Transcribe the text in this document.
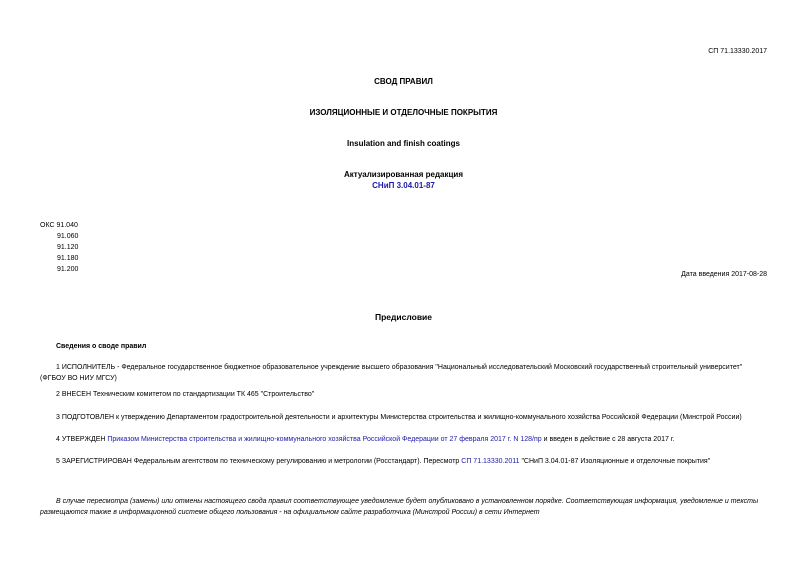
СП 71.13330.2017
СВОД ПРАВИЛ
ИЗОЛЯЦИОННЫЕ И ОТДЕЛОЧНЫЕ ПОКРЫТИЯ
Insulation and finish coatings
Актуализированная редакция
СНиП 3.04.01-87
ОКС 91.040
91.060
91.120
91.180
91.200
Дата введения 2017-08-28
Предисловие
Сведения о своде правил
1 ИСПОЛНИТЕЛЬ - Федеральное государственное бюджетное образовательное учреждение высшего образования "Национальный исследовательский Московский государственный строительный университет" (ФГБОУ ВО НИУ МГСУ)
2 ВНЕСЕН Техническим комитетом по стандартизации ТК 465 "Строительство"
3 ПОДГОТОВЛЕН к утверждению Департаментом градостроительной деятельности и архитектуры Министерства строительства и жилищно-коммунального хозяйства Российской Федерации (Минстрой России)
4 УТВЕРЖДЕН Приказом Министерства строительства и жилищно-коммунального хозяйства Российской Федерации от 27 февраля 2017 г. N 128/пр и введен в действие с 28 августа 2017 г.
5 ЗАРЕГИСТРИРОВАН Федеральным агентством по техническому регулированию и метрологии (Росстандарт). Пересмотр СП 71.13330.2011 "СНиП 3.04.01-87 Изоляционные и отделочные покрытия"
В случае пересмотра (замены) или отмены настоящего свода правил соответствующее уведомление будет опубликовано в установленном порядке. Соответствующая информация, уведомление и тексты размещаются также в информационной системе общего пользования - на официальном сайте разработчика (Минстрой России) в сети Интернет
